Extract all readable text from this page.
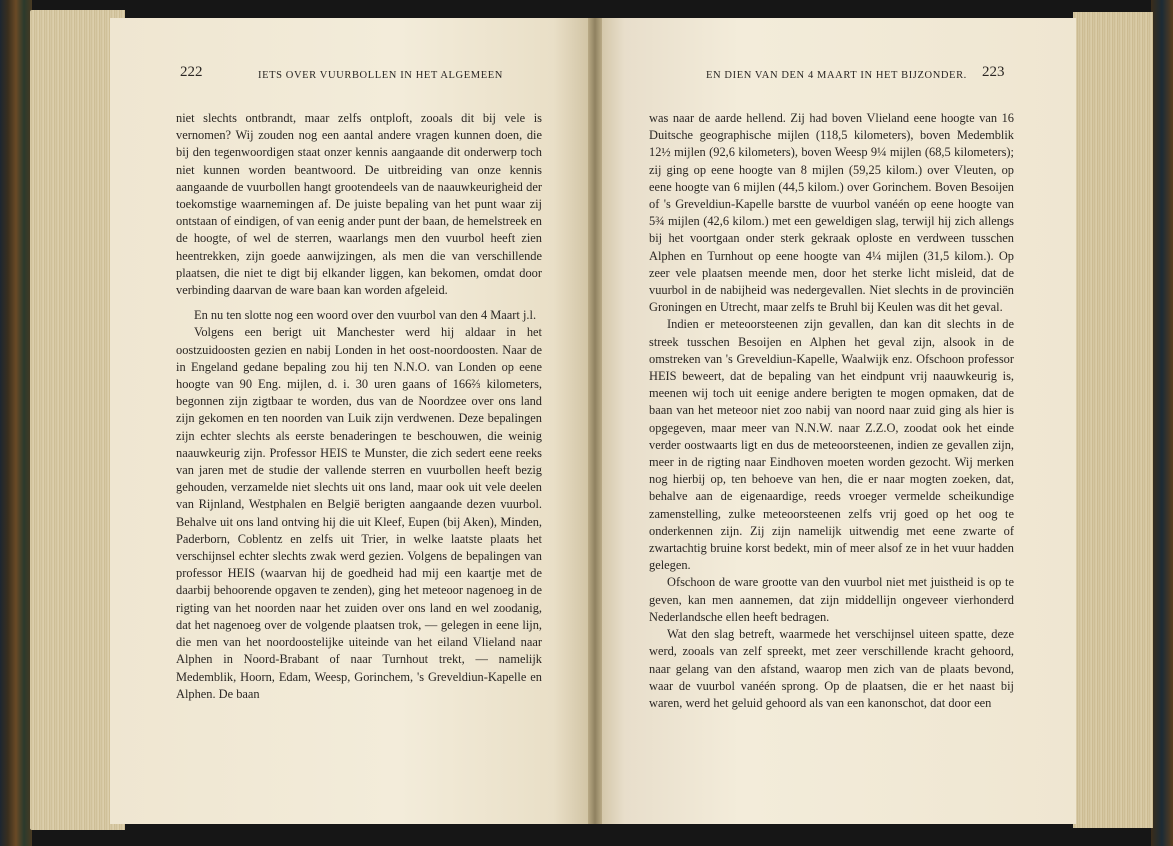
222	IETS OVER VUURBOLLEN IN HET ALGEMEEN	EN DIEN VAN DEN 4 MAART IN HET BIJZONDER. 223

niet slechts ontbrandt, maar zelfs ontploft, zooals dit bij vele is vernomen? Wij zouden nog een aantal andere vragen kunnen doen, die bij den tegenwoordigen staat onzer kennis aangaande dit onderwerp toch niet kunnen worden beantwoord. De uitbreiding van onze kennis aangaande de vuurbollen hangt grootendeels van de naauwkeurigheid der toekomstige waarnemingen af. De juiste bepaling van het punt waar zij ontstaan of eindigen, of van eenig ander punt der baan, de hemelstreek en de hoogte, of wel de sterren, waarlangs men den vuurbol heeft zien heentrekken, zijn goede aanwijzingen, als men die van verschillende plaatsen, die niet te digt bij elkander liggen, kan bekomen, omdat door verbinding daarvan de ware baan kan worden afgeleid.

En nu ten slotte nog een woord over den vuurbol van den 4 Maart j.l.

Volgens een berigt uit Manchester werd hij aldaar in het oostzuidoosten gezien en nabij Londen in het oost-noordoosten. Naar de in Engeland gedane bepaling zou hij ten N.N.O. van Londen op eene hoogte van 90 Eng. mijlen, d. i. 30 uren gaans of 166⅔ kilometers, begonnen zijn zigtbaar te worden, dus van de Noordzee over ons land zijn gekomen en ten noorden van Luik zijn verdwenen. Deze bepalingen zijn echter slechts als eerste benaderingen te beschouwen, die weinig naauwkeurig zijn. Professor HEIS te Munster, die zich sedert eene reeks van jaren met de studie der vallende sterren en vuurbollen heeft bezig gehouden, verzamelde niet slechts uit ons land, maar ook uit vele deelen van Rijnland, Westphalen en België berigten aangaande dezen vuurbol. Behalve uit ons land ontving hij die uit Kleef, Eupen (bij Aken), Minden, Paderborn, Coblentz en zelfs uit Trier, in welke laatste plaats het verschijnsel echter slechts zwak werd gezien. Volgens de bepalingen van professor HEIS (waarvan hij de goedheid had mij een kaartje met de daarbij behoorende opgaven te zenden), ging het meteoor nagenoeg in de rigting van het noorden naar het zuiden over ons land en wel zoodanig, dat het nagenoeg over de volgende plaatsen trok, — gelegen in eene lijn, die men van het noordoostelijke uiteinde van het eiland Vlieland naar Alphen in Noord-Brabant of naar Turnhout trekt, — namelijk Medemblik, Hoorn, Edam, Weesp, Gorinchem, 's Greveldiun-Kapelle en Alphen. De baan

was naar de aarde hellend. Zij had boven Vlieland eene hoogte van 16 Duitsche geographische mijlen (118,5 kilometers), boven Medemblik 12½ mijlen (92,6 kilometers), boven Weesp 9¼ mijlen (68,5 kilometers); zij ging op eene hoogte van 8 mijlen (59,25 kilom.) over Vleuten, op eene hoogte van 6 mijlen (44,5 kilom.) over Gorinchem. Boven Besoijen of 's Greveldiun-Kapelle barstte de vuurbol vanéén op eene hoogte van 5¾ mijlen (42,6 kilom.) met een geweldigen slag, terwijl hij zich allengs bij het voortgaan onder sterk gekraak oploste en verdween tusschen Alphen en Turnhout op eene hoogte van 4¼ mijlen (31,5 kilom.). Op zeer vele plaatsen meende men, door het sterke licht misleid, dat de vuurbol in de nabijheid was nedergevallen. Niet slechts in de provinciën Groningen en Utrecht, maar zelfs te Bruhl bij Keulen was dit het geval.

Indien er meteoorsteenen zijn gevallen, dan kan dit slechts in de streek tusschen Besoijen en Alphen het geval zijn, alsook in de omstreken van 's Greveldiun-Kapelle, Waalwijk enz. Ofschoon professor HEIS beweert, dat de bepaling van het eindpunt vrij naauwkeurig is, meenen wij toch uit eenige andere berigten te mogen opmaken, dat de baan van het meteoor niet zoo nabij van noord naar zuid ging als hier is opgegeven, maar meer van N.N.W. naar Z.Z.O, zoodat ook het einde verder oostwaarts ligt en dus de meteoorsteenen, indien ze gevallen zijn, meer in de rigting naar Eindhoven moeten worden gezocht. Wij merken nog hierbij op, ten behoeve van hen, die er naar mogten zoeken, dat, behalve aan de eigenaardige, reeds vroeger vermelde scheikundige zamenstelling, zulke meteoorsteenen zelfs vrij goed op het oog te onderkennen zijn. Zij zijn namelijk uitwendig met eene zwarte of zwartachtig bruine korst bedekt, min of meer alsof ze in het vuur hadden gelegen.

Ofschoon de ware grootte van den vuurbol niet met juistheid is op te geven, kan men aannemen, dat zijn middellijn ongeveer vierhonderd Nederlandsche ellen heeft bedragen.

Wat den slag betreft, waarmede het verschijnsel uiteen spatte, deze werd, zooals van zelf spreekt, met zeer verschillende kracht gehoord, naar gelang van den afstand, waarop men zich van de plaats bevond, waar de vuurbol vanéén sprong. Op de plaatsen, die er het naast bij waren, werd het geluid gehoord als van een kanonschot, dat door een
